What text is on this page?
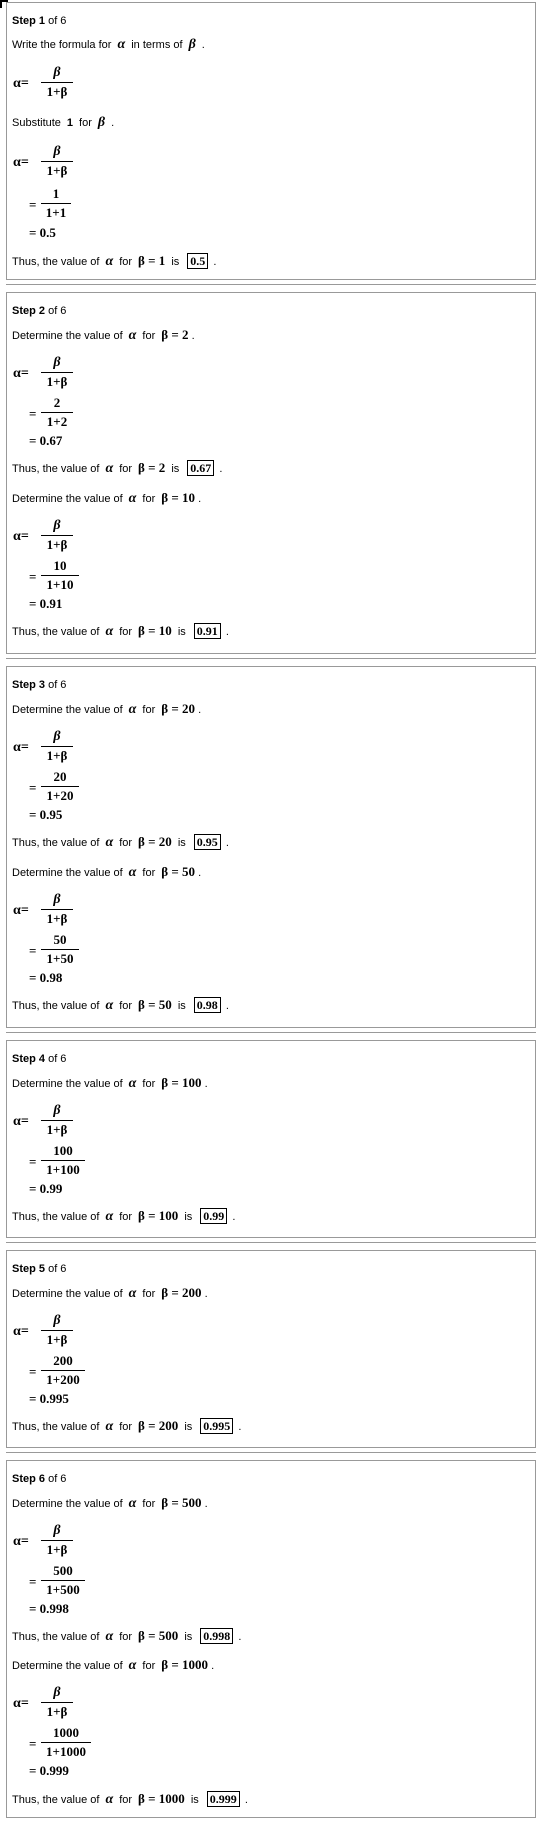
Step 1 of 6
Write the formula for α in terms of β .
α=
β
1+β
Substitute 1 for β .
α=
β
1+β
=
1
1+1
= 0.5
Thus, the value of α for β = 1 is 0.5 .
Step 2 of 6
Determine the value of α for β = 2 .
α=
β
1+β
=
2
1+2
= 0.67
Thus, the value of α for β = 2 is 0.67 .
Determine the value of α for β = 10 .
α=
β
1+β
=
10
1+10
= 0.91
Thus, the value of α for β = 10 is 0.91 .
Step 3 of 6
Determine the value of α for β = 20 .
α=
β
1+β
=
20
1+20
= 0.95
Thus, the value of α for β = 20 is 0.95 .
Determine the value of α for β = 50 .
α=
β
1+β
=
50
1+50
= 0.98
Thus, the value of α for β = 50 is 0.98 .
Step 4 of 6
Determine the value of α for β = 100 .
α=
β
1+β
=
100
1+100
= 0.99
Thus, the value of α for β = 100 is 0.99 .
Step 5 of 6
Determine the value of α for β = 200 .
α=
β
1+β
=
200
1+200
= 0.995
Thus, the value of α for β = 200 is 0.995 .
Step 6 of 6
Determine the value of α for β = 500 .
α=
β
1+β
=
500
1+500
= 0.998
Thus, the value of α for β = 500 is 0.998 .
Determine the value of α for β = 1000 .
α=
β
1+β
=
1000
1+1000
= 0.999
Thus, the value of α for β = 1000 is 0.999 .
